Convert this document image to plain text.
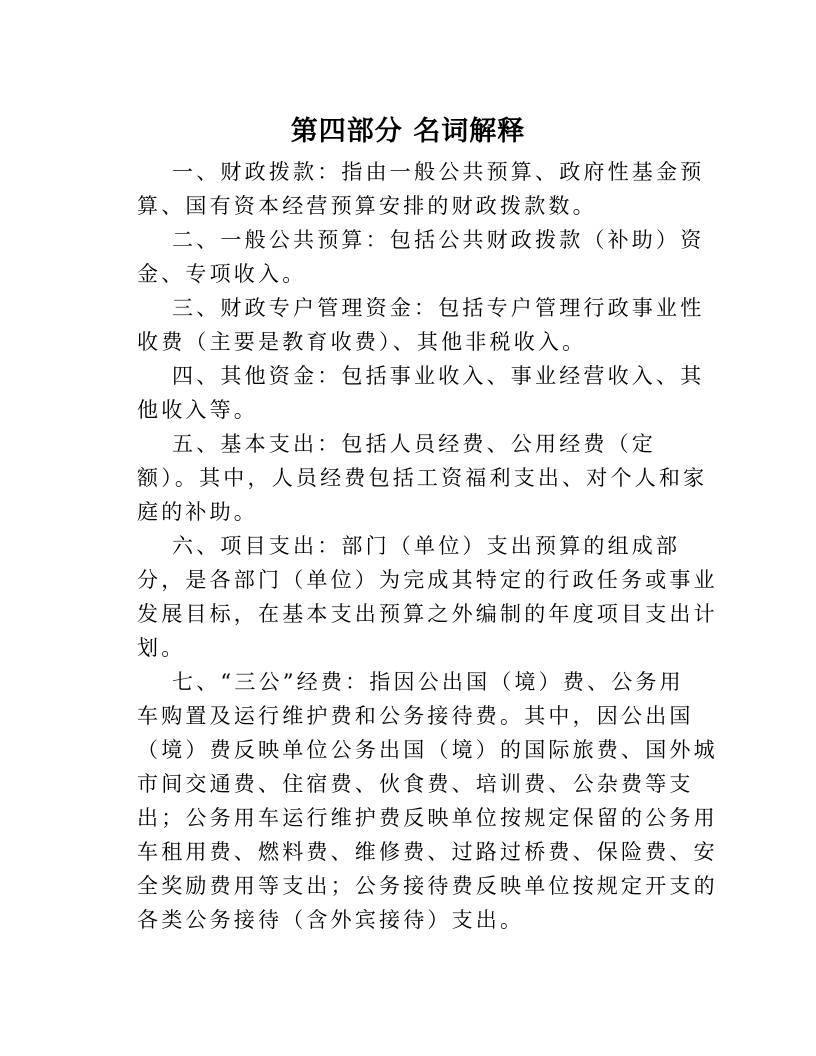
第四部分 名词解释
一、财政拨款：指由一般公共预算、政府性基金预
算、国有资本经营预算安排的财政拨款数。
二、一般公共预算：包括公共财政拨款（补助）资
金、专项收入。
三、财政专户管理资金：包括专户管理行政事业性
收费（主要是教育收费）、其他非税收入。
四、其他资金：包括事业收入、事业经营收入、其
他收入等。
五、基本支出：包括人员经费、公用经费（定
额）。其中，人员经费包括工资福利支出、对个人和家
庭的补助。
六、项目支出：部门（单位）支出预算的组成部
分，是各部门（单位）为完成其特定的行政任务或事业
发展目标，在基本支出预算之外编制的年度项目支出计
划。
七、“三公”经费：指因公出国（境）费、公务用
车购置及运行维护费和公务接待费。其中，因公出国
（境）费反映单位公务出国（境）的国际旅费、国外城
市间交通费、住宿费、伙食费、培训费、公杂费等支
出；公务用车运行维护费反映单位按规定保留的公务用
车租用费、燃料费、维修费、过路过桥费、保险费、安
全奖励费用等支出；公务接待费反映单位按规定开支的
各类公务接待（含外宾接待）支出。
